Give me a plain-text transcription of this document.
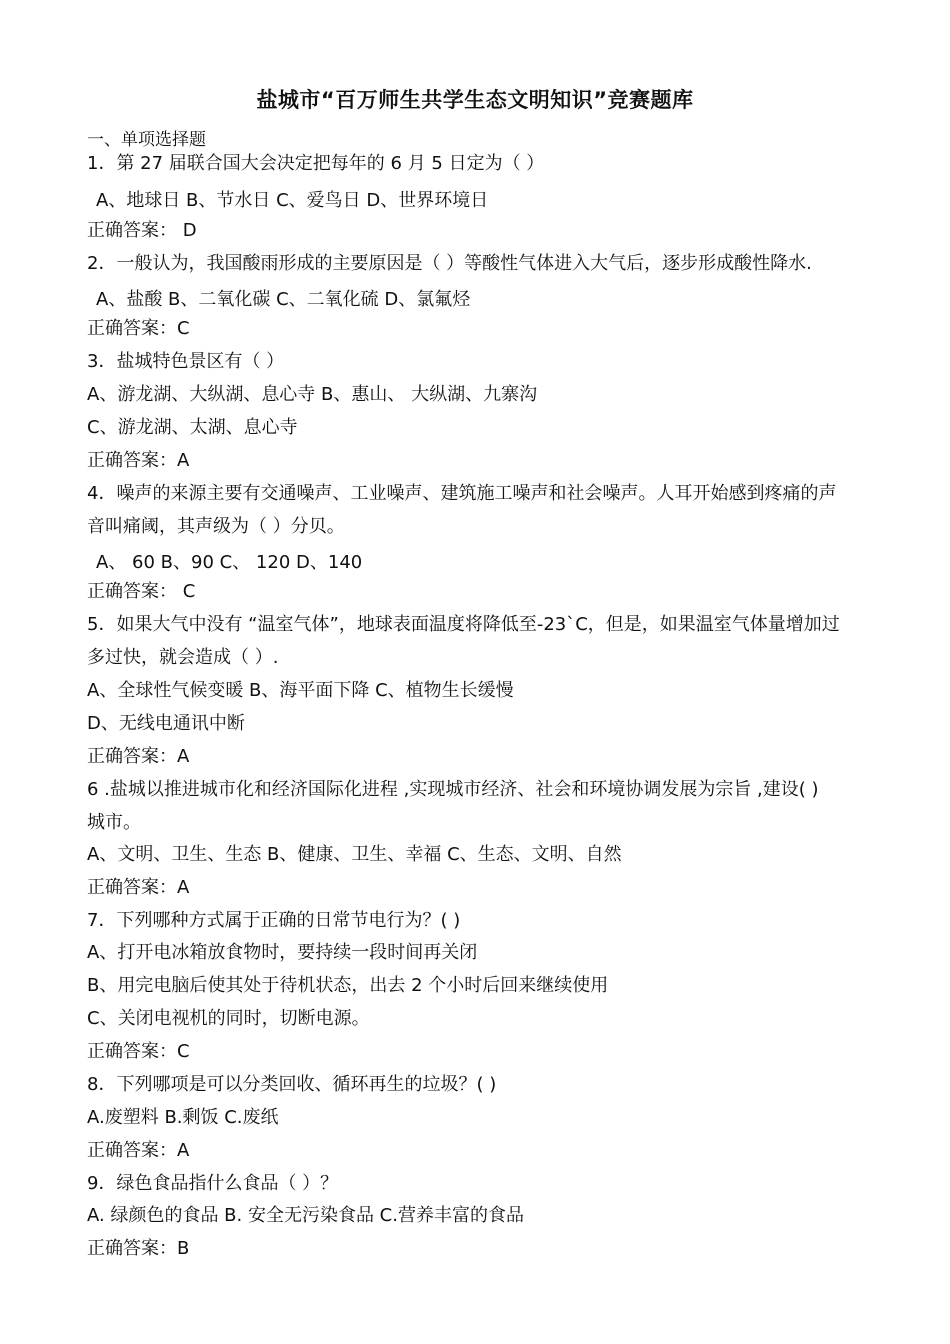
盐城市“百万师生共学生态文明知识”竞赛题库
一、单项选择题
1．第 27 届联合国大会决定把每年的 6 月 5 日定为（ ）
A、地球日 B、节水日 C、爱鸟日 D、世界环境日
正确答案： D
2．一般认为，我国酸雨形成的主要原因是（ ）等酸性气体进入大气后，逐步形成酸性降水.
A、盐酸 B、二氧化碳 C、二氧化硫 D、氯氟烃
正确答案：C
3．盐城特色景区有（ ）
A、游龙湖、大纵湖、息心寺 B、惠山、 大纵湖、九寨沟
C、游龙湖、太湖、息心寺
正确答案：A
4．噪声的来源主要有交通噪声、工业噪声、建筑施工噪声和社会噪声。人耳开始感到疼痛的声
音叫痛阈，其声级为（ ）分贝。
A、 60 B、90 C、 120 D、140
正确答案： C
5．如果大气中没有 “温室气体”，地球表面温度将降低至-23`C，但是，如果温室气体量增加过
多过快，就会造成（ ）.
A、全球性气候变暖 B、海平面下降 C、植物生长缓慢
D、无线电通讯中断
正确答案：A
6 .盐城以推进城市化和经济国际化进程 ,实现城市经济、社会和环境协调发展为宗旨 ,建设( )
城市。
A、文明、卫生、生态 B、健康、卫生、幸福 C、生态、文明、自然
正确答案：A
7．下列哪种方式属于正确的日常节电行为？( )
A、打开电冰箱放食物时，要持续一段时间再关闭
B、用完电脑后使其处于待机状态，出去 2 个小时后回来继续使用
C、关闭电视机的同时，切断电源。
正确答案：C
8．下列哪项是可以分类回收、循环再生的垃圾？( )
A.废塑料 B.剩饭 C.废纸
正确答案：A
9．绿色食品指什么食品（ ）？
A. 绿颜色的食品 B. 安全无污染食品 C.营养丰富的食品
正确答案：B
